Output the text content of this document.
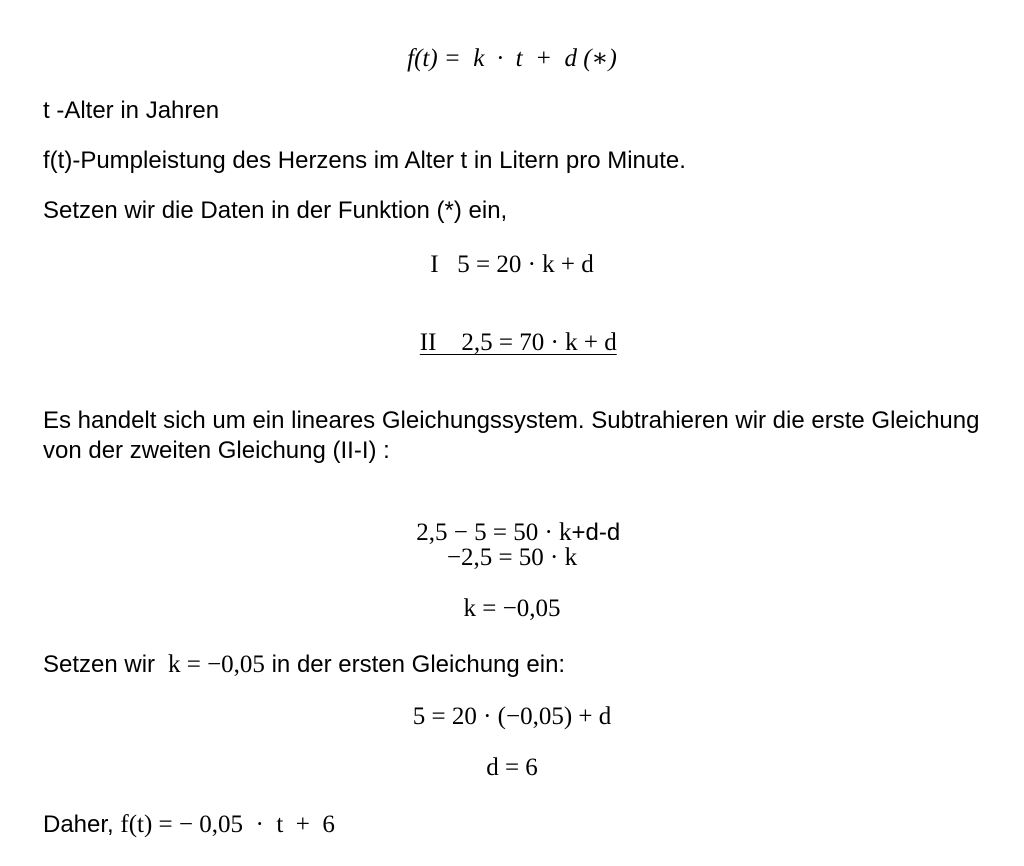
f(t) =  k  ·  t  +  d (∗)
t -Alter in Jahren
f(t)-Pumpleistung des Herzens im Alter t in Litern pro Minute.
Setzen wir die Daten in der Funktion (*) ein,
I   5 = 20 · k + d

II    2,5 = 70 · k + d

Es handelt sich um ein lineares Gleichungssystem. Subtrahieren wir die erste Gleichung von der zweiten Gleichung (II-I) :

2,5 − 5 = 50 · k+d-d

−2,5 = 50 · k
k = −0,05
Setzen wir  k = −0,05 in der ersten Gleichung ein:
5 = 20 · (−0,05) + d
d = 6
Daher, f(t) = − 0,05  ·  t  +  6
